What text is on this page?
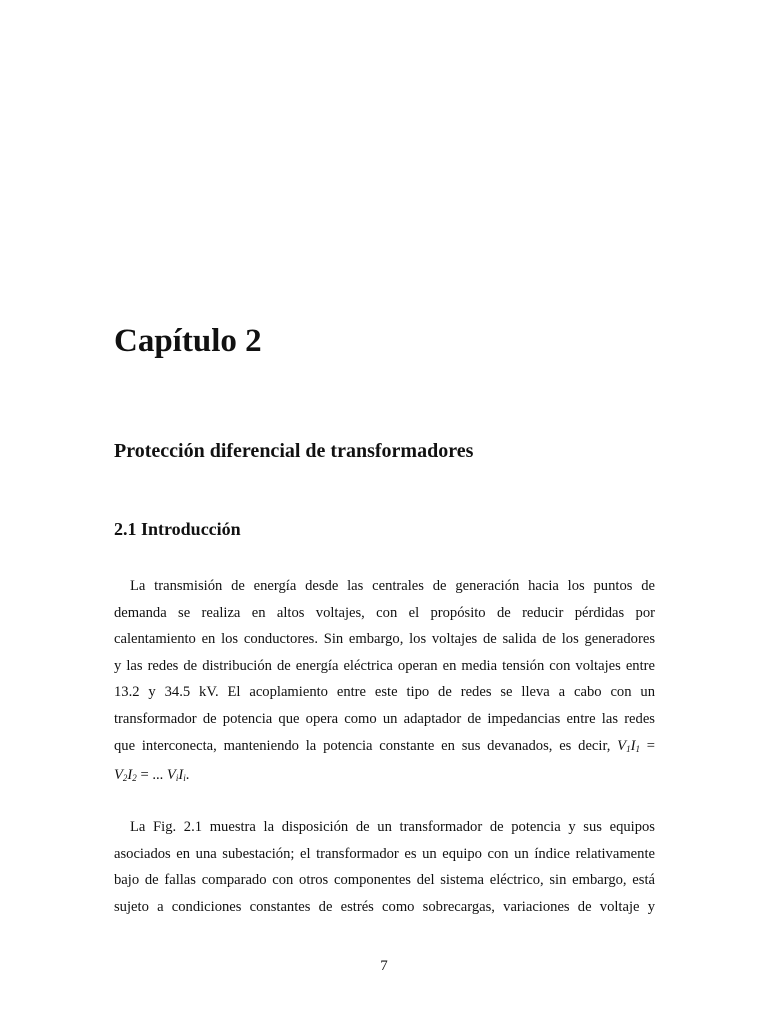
Capítulo 2
Protección diferencial de transformadores
2.1 Introducción
La transmisión de energía desde las centrales de generación hacia los puntos de
demanda se realiza en altos voltajes, con el propósito de reducir pérdidas por
calentamiento en los conductores. Sin embargo, los voltajes de salida de los generadores
y las redes de distribución de energía eléctrica operan en media tensión con voltajes entre
13.2 y 34.5 kV. El acoplamiento entre este tipo de redes se lleva a cabo con un
transformador de potencia que opera como un adaptador de impedancias entre las redes
que interconecta, manteniendo la potencia constante en sus devanados, es decir, $V_1I_1$ =
$V_2I_2$ = ... $V_iI_i$.
La Fig. 2.1 muestra la disposición de un transformador de potencia y sus equipos
asociados en una subestación; el transformador es un equipo con un índice relativamente
bajo de fallas comparado con otros componentes del sistema eléctrico, sin embargo, está
sujeto a condiciones constantes de estrés como sobrecargas, variaciones de voltaje y
7
